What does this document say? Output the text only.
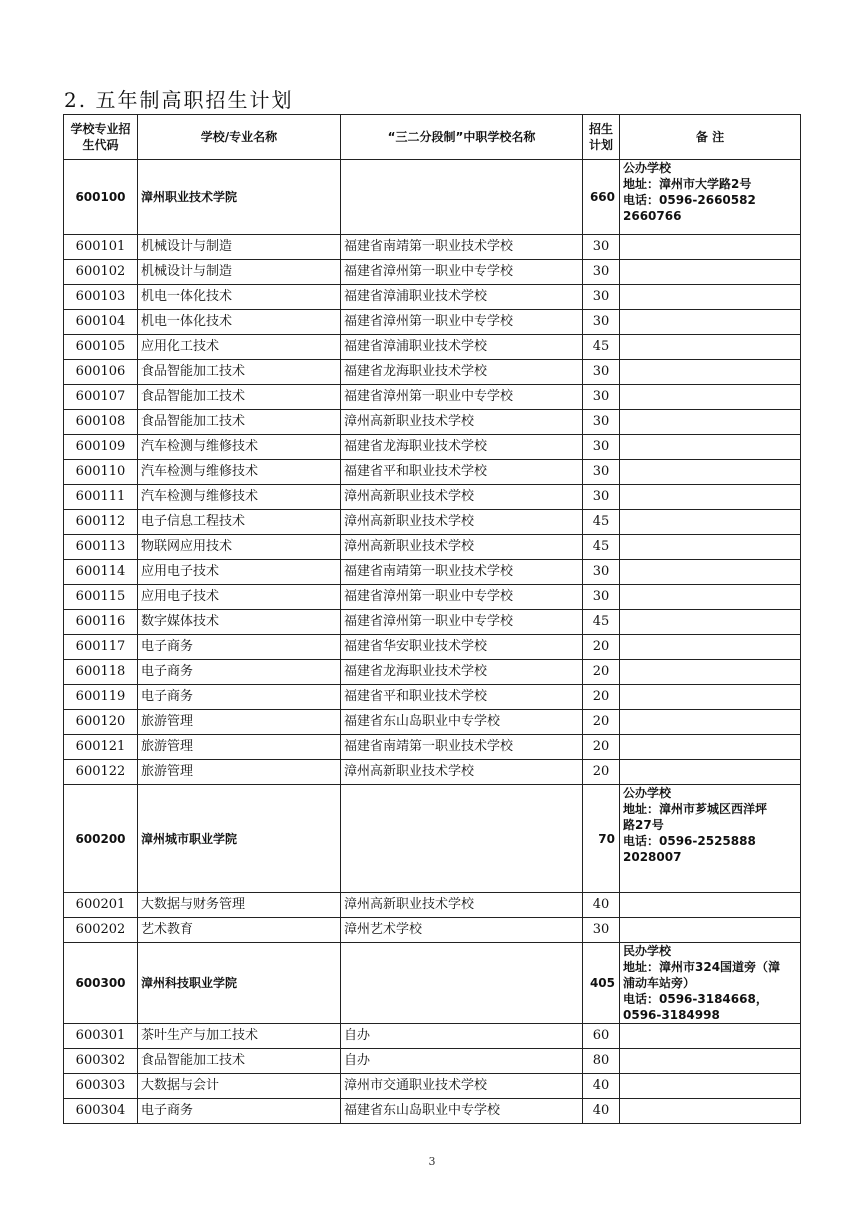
2. 五年制高职招生计划
学校专业招生代码	学校/专业名称	“三二分段制”中职学校名称	招生计划	备 注
600100	漳州职业技术学院		660	公办学校
地址：漳州市大学路2号
电话：0596-2660582
2660766

600101	机械设计与制造	福建省南靖第一职业技术学校	30	
600102	机械设计与制造	福建省漳州第一职业中专学校	30	
600103	机电一体化技术	福建省漳浦职业技术学校	30	
600104	机电一体化技术	福建省漳州第一职业中专学校	30	
600105	应用化工技术	福建省漳浦职业技术学校	45	
600106	食品智能加工技术	福建省龙海职业技术学校	30	
600107	食品智能加工技术	福建省漳州第一职业中专学校	30	
600108	食品智能加工技术	漳州高新职业技术学校	30	
600109	汽车检测与维修技术	福建省龙海职业技术学校	30	
600110	汽车检测与维修技术	福建省平和职业技术学校	30	
600111	汽车检测与维修技术	漳州高新职业技术学校	30	
600112	电子信息工程技术	漳州高新职业技术学校	45	
600113	物联网应用技术	漳州高新职业技术学校	45	
600114	应用电子技术	福建省南靖第一职业技术学校	30	
600115	应用电子技术	福建省漳州第一职业中专学校	30	
600116	数字媒体技术	福建省漳州第一职业中专学校	45	
600117	电子商务	福建省华安职业技术学校	20	
600118	电子商务	福建省龙海职业技术学校	20	
600119	电子商务	福建省平和职业技术学校	20	
600120	旅游管理	福建省东山岛职业中专学校	20	
600121	旅游管理	福建省南靖第一职业技术学校	20	
600122	旅游管理	漳州高新职业技术学校	20	
600200	漳州城市职业学院		70	公办学校
地址：漳州市芗城区西洋坪
路27号
电话：0596-2525888
2028007

600201	大数据与财务管理	漳州高新职业技术学校	40	
600202	艺术教育	漳州艺术学校	30	
600300	漳州科技职业学院		405	民办学校
地址：漳州市324国道旁（漳
浦动车站旁）
电话：0596-3184668，
0596-3184998

600301	茶叶生产与加工技术	自办	60	
600302	食品智能加工技术	自办	80	
600303	大数据与会计	漳州市交通职业技术学校	40	
600304	电子商务	福建省东山岛职业中专学校	40	
3
